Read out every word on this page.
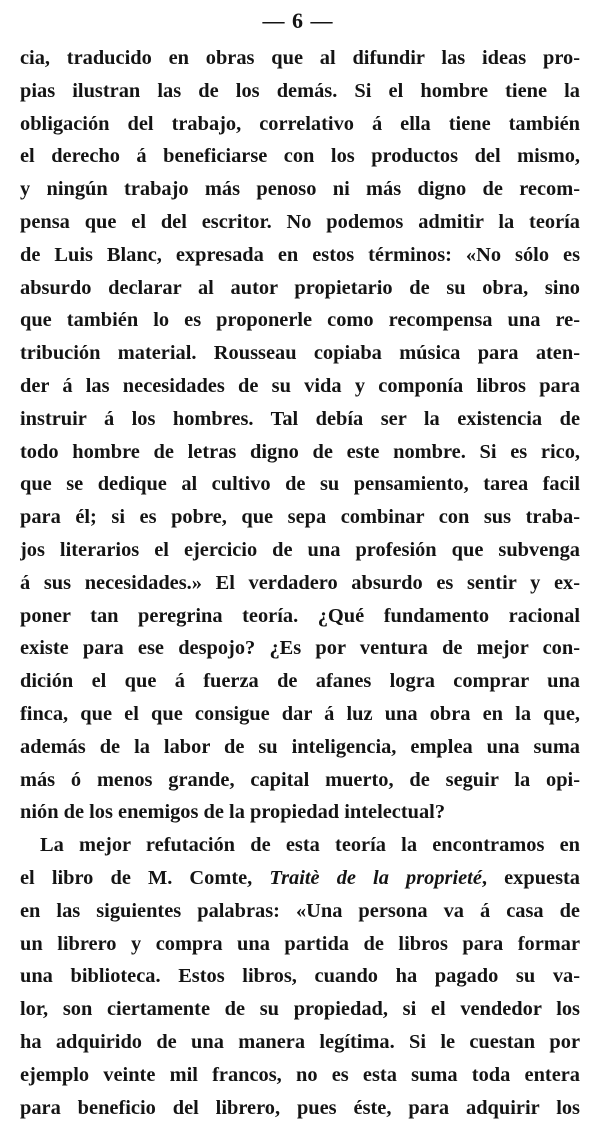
— 6 —
cia, traducido en obras que al difundir las ideas pro-
pias ilustran las de los demás. Si el hombre tiene la
obligación del trabajo, correlativo á ella tiene también
el derecho á beneficiarse con los productos del mismo,
y ningún trabajo más penoso ni más digno de recom-
pensa que el del escritor. No podemos admitir la teoría
de Luis Blanc, expresada en estos términos: «No sólo es
absurdo declarar al autor propietario de su obra, sino
que también lo es proponerle como recompensa una re-
tribución material. Rousseau copiaba música para aten-
der á las necesidades de su vida y componía libros para
instruir á los hombres. Tal debía ser la existencia de
todo hombre de letras digno de este nombre. Si es rico,
que se dedique al cultivo de su pensamiento, tarea facil
para él; si es pobre, que sepa combinar con sus traba-
jos literarios el ejercicio de una profesión que subvenga
á sus necesidades.» El verdadero absurdo es sentir y ex-
poner tan peregrina teoría. ¿Qué fundamento racional
existe para ese despojo? ¿Es por ventura de mejor con-
dición el que á fuerza de afanes logra comprar una
finca, que el que consigue dar á luz una obra en la que,
además de la labor de su inteligencia, emplea una suma
más ó menos grande, capital muerto, de seguir la opi-
nión de los enemigos de la propiedad intelectual?
La mejor refutación de esta teoría la encontramos en
el libro de M. Comte, Traitè de la proprieté, expuesta
en las siguientes palabras: «Una persona va á casa de
un librero y compra una partida de libros para formar
una biblioteca. Estos libros, cuando ha pagado su va-
lor, son ciertamente de su propiedad, si el vendedor los
ha adquirido de una manera legítima. Si le cuestan por
ejemplo veinte mil francos, no es esta suma toda entera
para beneficio del librero, pues éste, para adquirir los
